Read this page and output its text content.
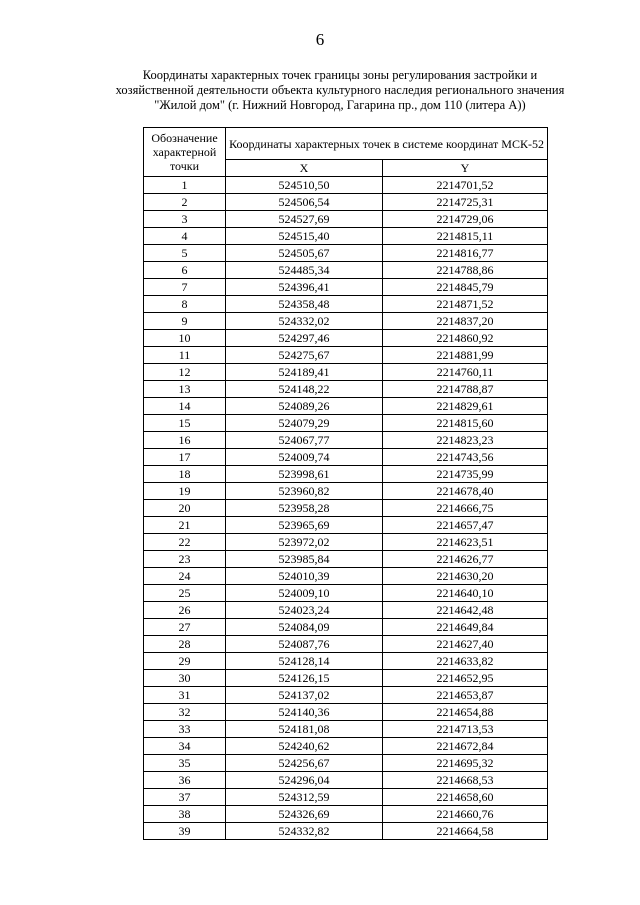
6
Координаты характерных точек границы зоны регулирования застройки и
хозяйственной деятельности объекта культурного наследия регионального значения
"Жилой дом" (г. Нижний Новгород, Гагарина пр., дом 110 (литера А))
Обозначение характерной точки	Координаты характерных точек в системе координат МСК-52	
	X	Y
1	524510,50	2214701,52
2	524506,54	2214725,31
3	524527,69	2214729,06
4	524515,40	2214815,11
5	524505,67	2214816,77
6	524485,34	2214788,86
7	524396,41	2214845,79
8	524358,48	2214871,52
9	524332,02	2214837,20
10	524297,46	2214860,92
11	524275,67	2214881,99
12	524189,41	2214760,11
13	524148,22	2214788,87
14	524089,26	2214829,61
15	524079,29	2214815,60
16	524067,77	2214823,23
17	524009,74	2214743,56
18	523998,61	2214735,99
19	523960,82	2214678,40
20	523958,28	2214666,75
21	523965,69	2214657,47
22	523972,02	2214623,51
23	523985,84	2214626,77
24	524010,39	2214630,20
25	524009,10	2214640,10
26	524023,24	2214642,48
27	524084,09	2214649,84
28	524087,76	2214627,40
29	524128,14	2214633,82
30	524126,15	2214652,95
31	524137,02	2214653,87
32	524140,36	2214654,88
33	524181,08	2214713,53
34	524240,62	2214672,84
35	524256,67	2214695,32
36	524296,04	2214668,53
37	524312,59	2214658,60
38	524326,69	2214660,76
39	524332,82	2214664,58
